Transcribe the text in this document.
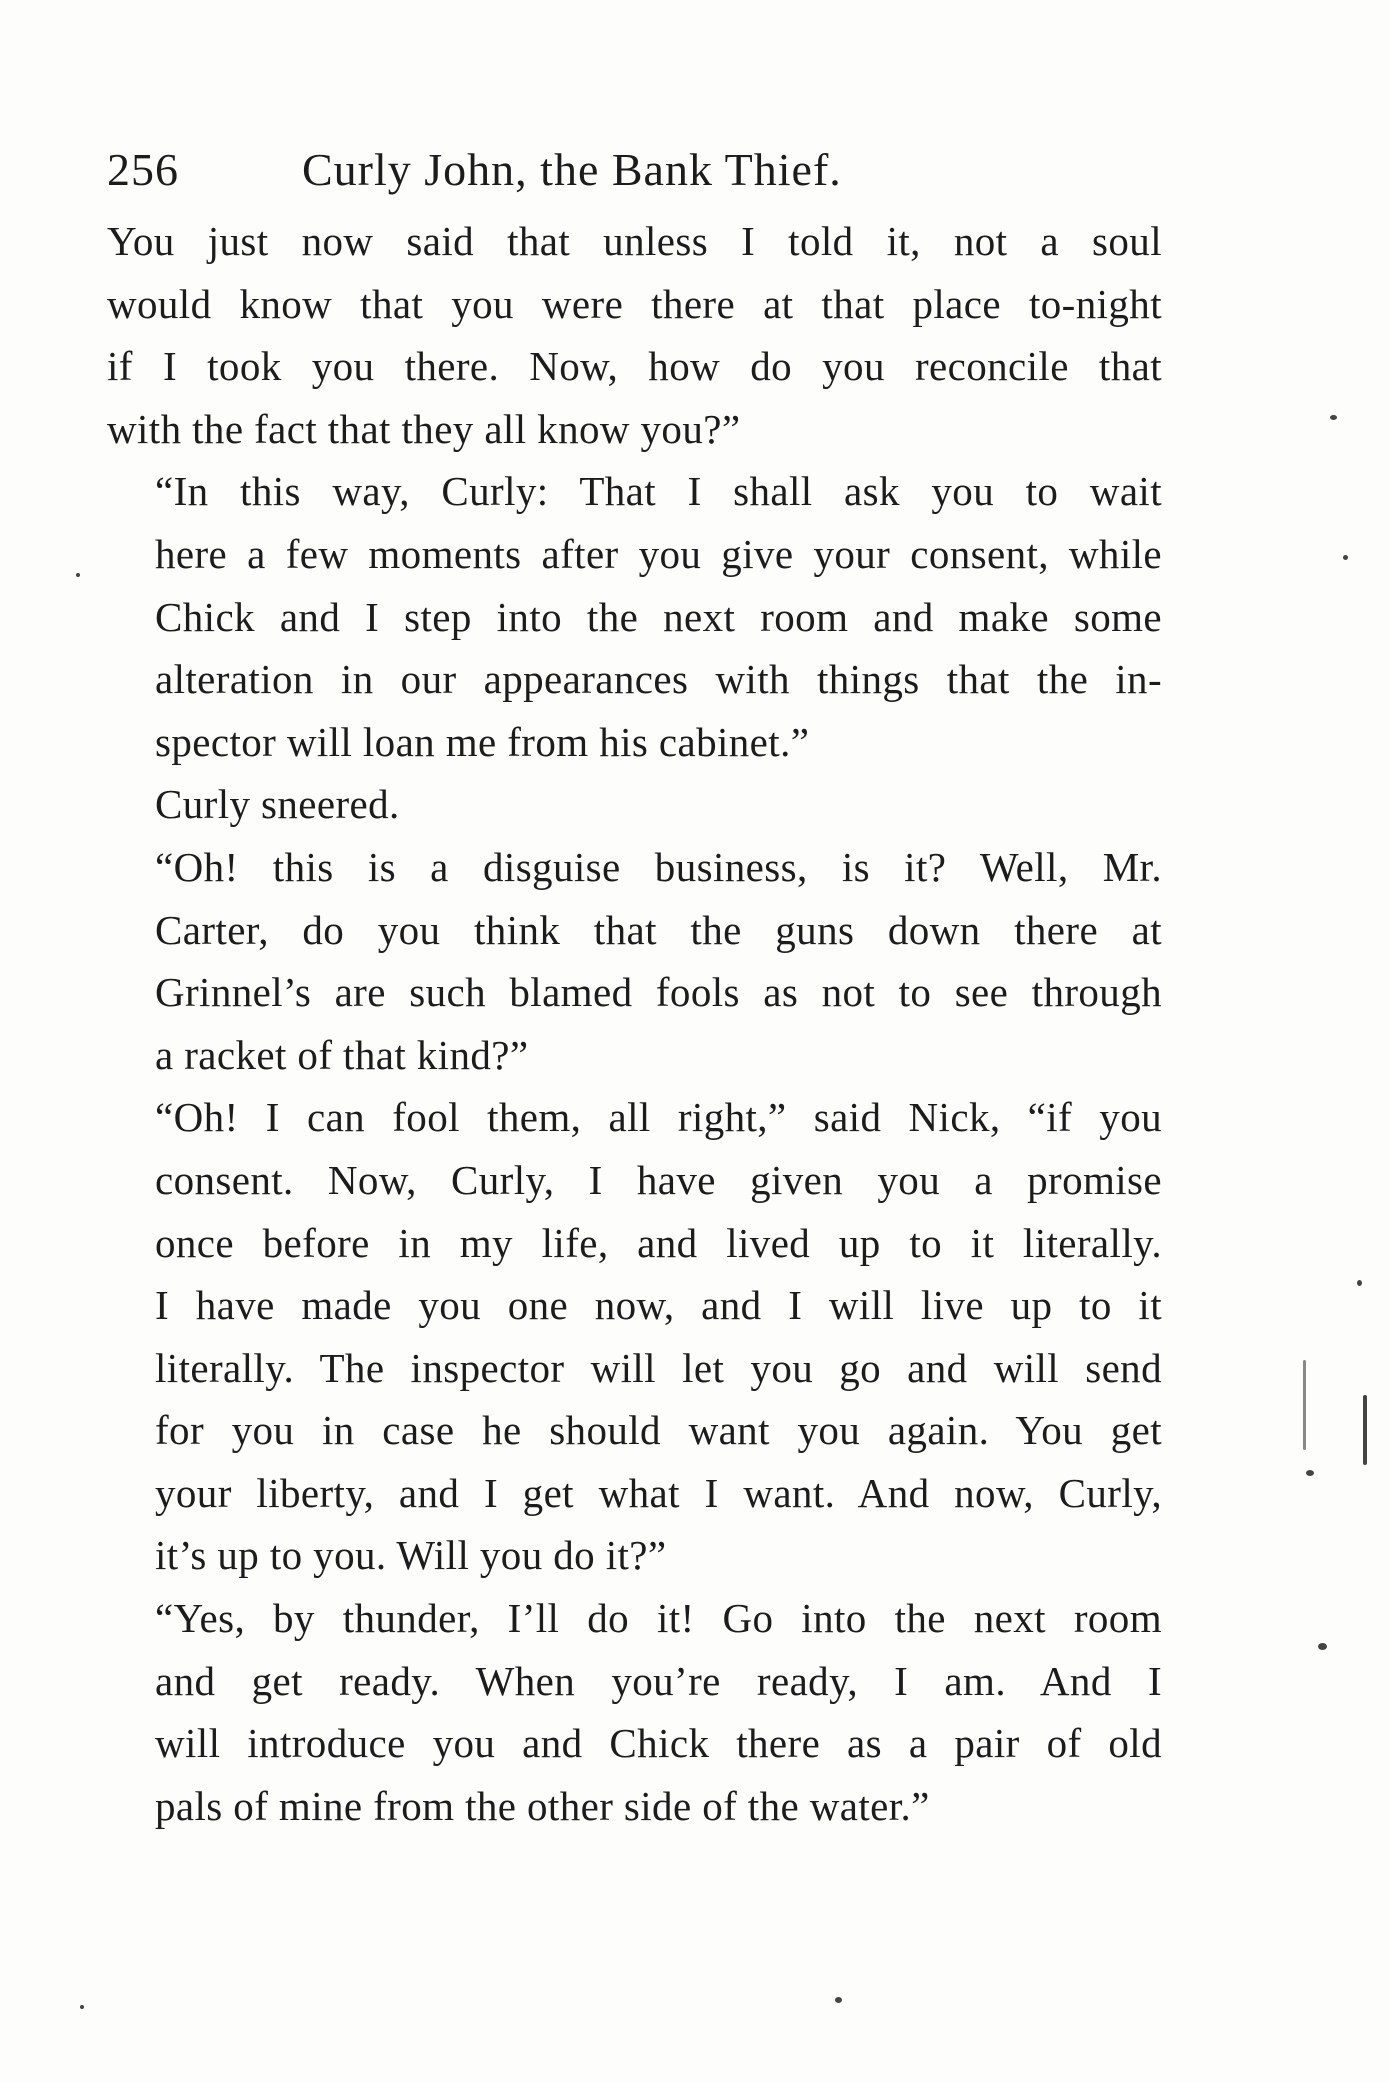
256	Curly John, the Bank Thief.

You just now said that unless I told it, not a soul
would know that you were there at that place to-night
if I took you there. Now, how do you reconcile that
with the fact that they all know you?”

“In this way, Curly: That I shall ask you to wait
here a few moments after you give your consent, while
Chick and I step into the next room and make some
alteration in our appearances with things that the in-
spector will loan me from his cabinet.”

Curly sneered.

“Oh! this is a disguise business, is it? Well, Mr.
Carter, do you think that the guns down there at
Grinnel’s are such blamed fools as not to see through
a racket of that kind?”

“Oh! I can fool them, all right,” said Nick, “if you
consent. Now, Curly, I have given you a promise
once before in my life, and lived up to it literally.
I have made you one now, and I will live up to it
literally. The inspector will let you go and will send
for you in case he should want you again. You get
your liberty, and I get what I want. And now, Curly,
it’s up to you. Will you do it?”

“Yes, by thunder, I’ll do it! Go into the next room
and get ready. When you’re ready, I am. And I
will introduce you and Chick there as a pair of old
pals of mine from the other side of the water.”
